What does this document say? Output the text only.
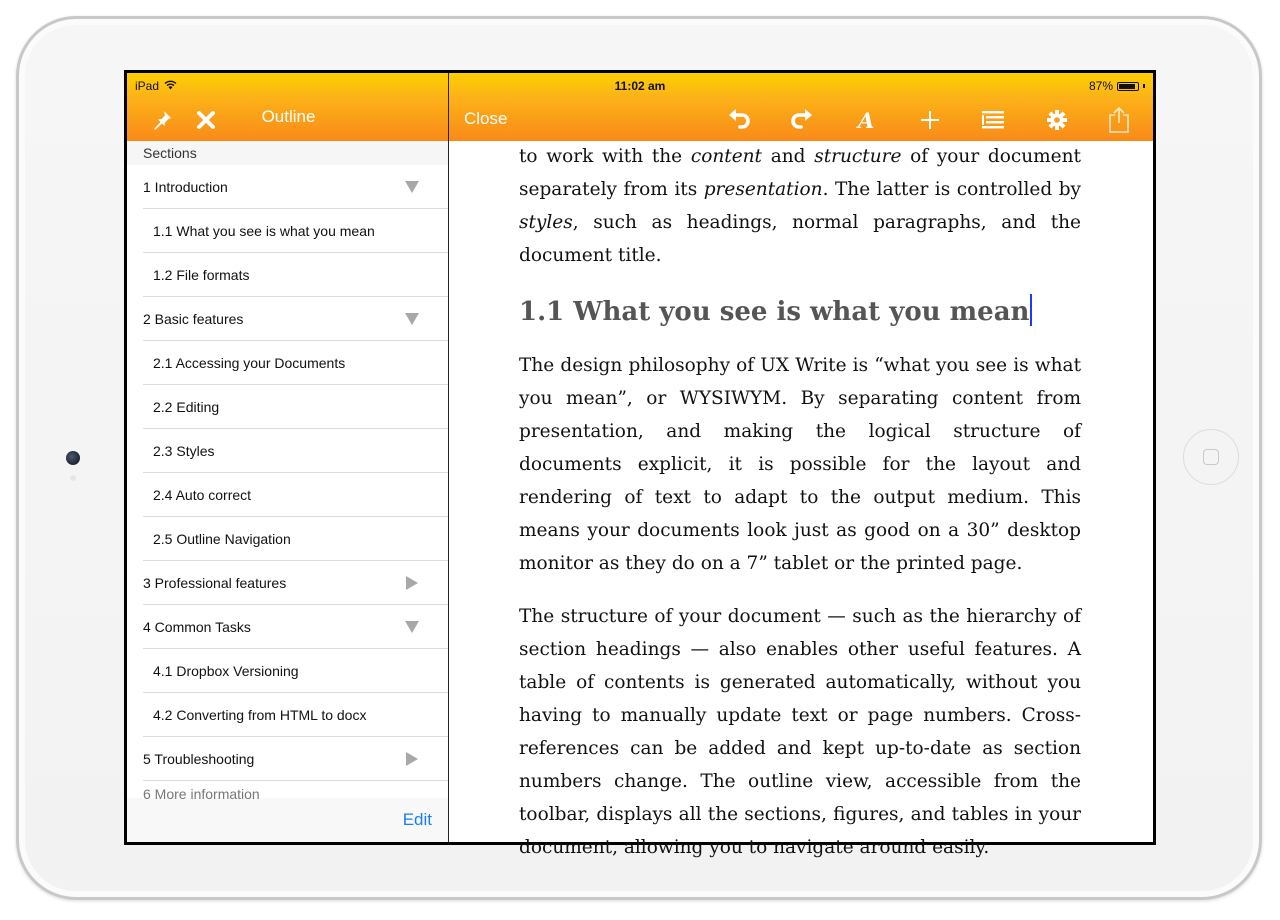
iPad	11:02 am	87%
Outline	Close	A
Sections
1 Introduction
1.1 What you see is what you mean
1.2 File formats
2 Basic features
2.1 Accessing your Documents
2.2 Editing
2.3 Styles
2.4 Auto correct
2.5 Outline Navigation
3 Professional features
4 Common Tasks
4.1 Dropbox Versioning
4.2 Converting from HTML to docx
5 Troubleshooting
6 More information
Edit

to work with the content and structure of your document separately from its presentation. The latter is controlled by styles, such as headings, normal paragraphs, and the document title.

1.1 What you see is what you mean

The design philosophy of UX Write is “what you see is what you mean”, or WYSIWYM. By separating content from presentation, and making the logical structure of documents explicit, it is possible for the layout and rendering of text to adapt to the output medium. This means your documents look just as good on a 30” desktop monitor as they do on a 7” tablet or the printed page.

The structure of your document — such as the hierarchy of section headings — also enables other useful features. A table of contents is generated automatically, without you having to manually update text or page numbers. Cross-references can be added and kept up-to-date as section numbers change. The outline view, accessible from the toolbar, displays all the sections, figures, and tables in your document, allowing you to navigate around easily.
